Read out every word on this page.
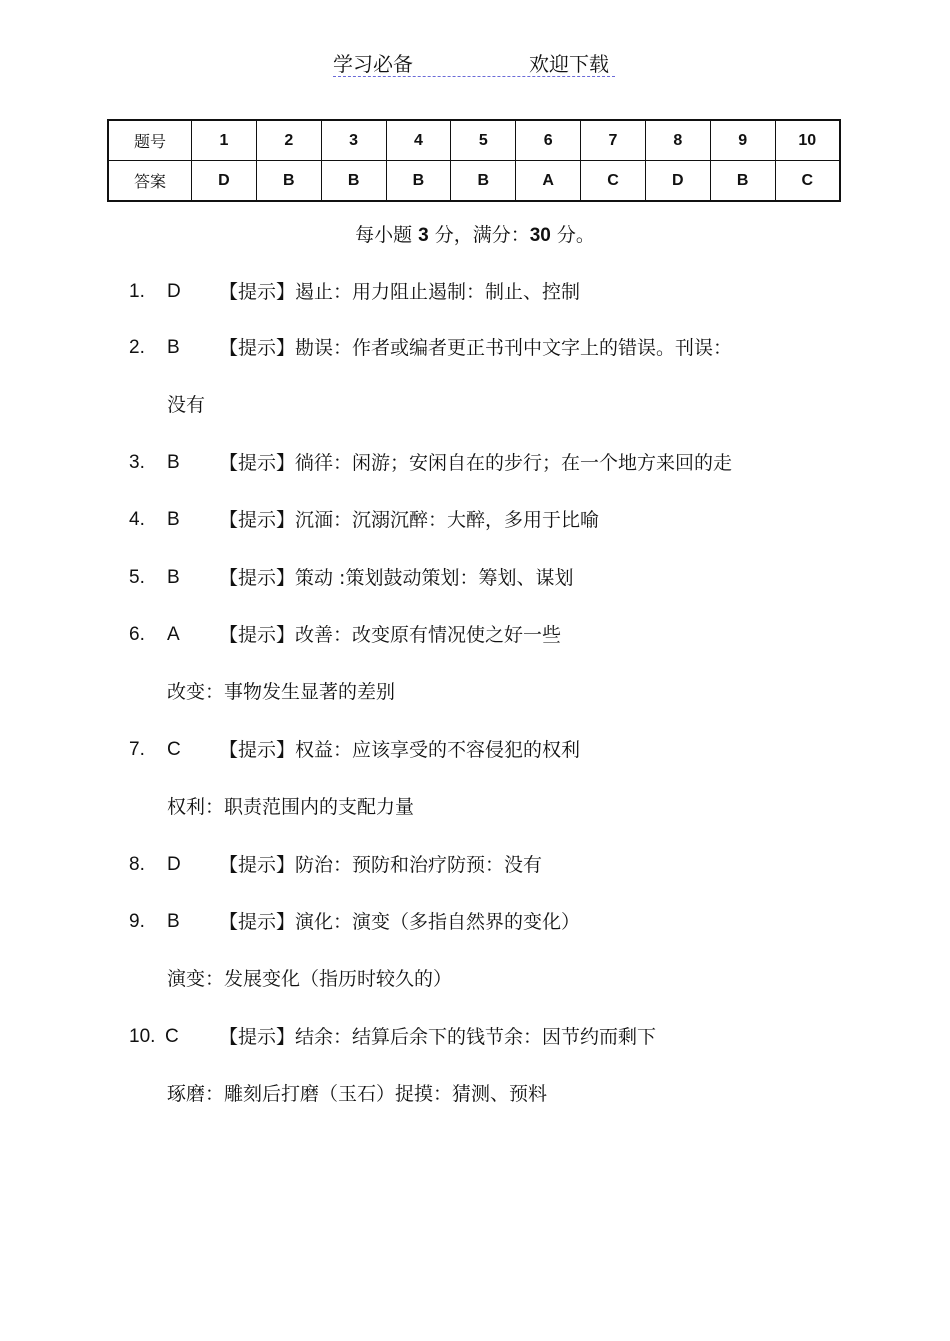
学习必备	欢迎下载
题号	1	2	3	4	5	6	7	8	9	10
答案	D	B	B	B	B	A	C	D	B	C
每小题 3 分，满分：30 分。
1. D 【提示】遏止：用力阻止遏制：制止、控制
2. B 【提示】勘误：作者或编者更正书刊中文字上的错误。刊误：
没有
3. B 【提示】徜徉：闲游；安闲自在的步行；在一个地方来回的走
4. B 【提示】沉湎：沉溺沉醉：大醉，多用于比喻
5. B 【提示】策动 :策划鼓动策划：筹划、谋划
6. A 【提示】改善：改变原有情况使之好一些
改变：事物发生显著的差别
7. C 【提示】权益：应该享受的不容侵犯的权利
权利：职责范围内的支配力量
8. D 【提示】防治：预防和治疗防预：没有
9. B 【提示】演化：演变（多指自然界的变化）
演变：发展变化（指历时较久的）
10. C 【提示】结余：结算后余下的钱节余：因节约而剩下
琢磨：雕刻后打磨（玉石）捉摸：猜测、预料
